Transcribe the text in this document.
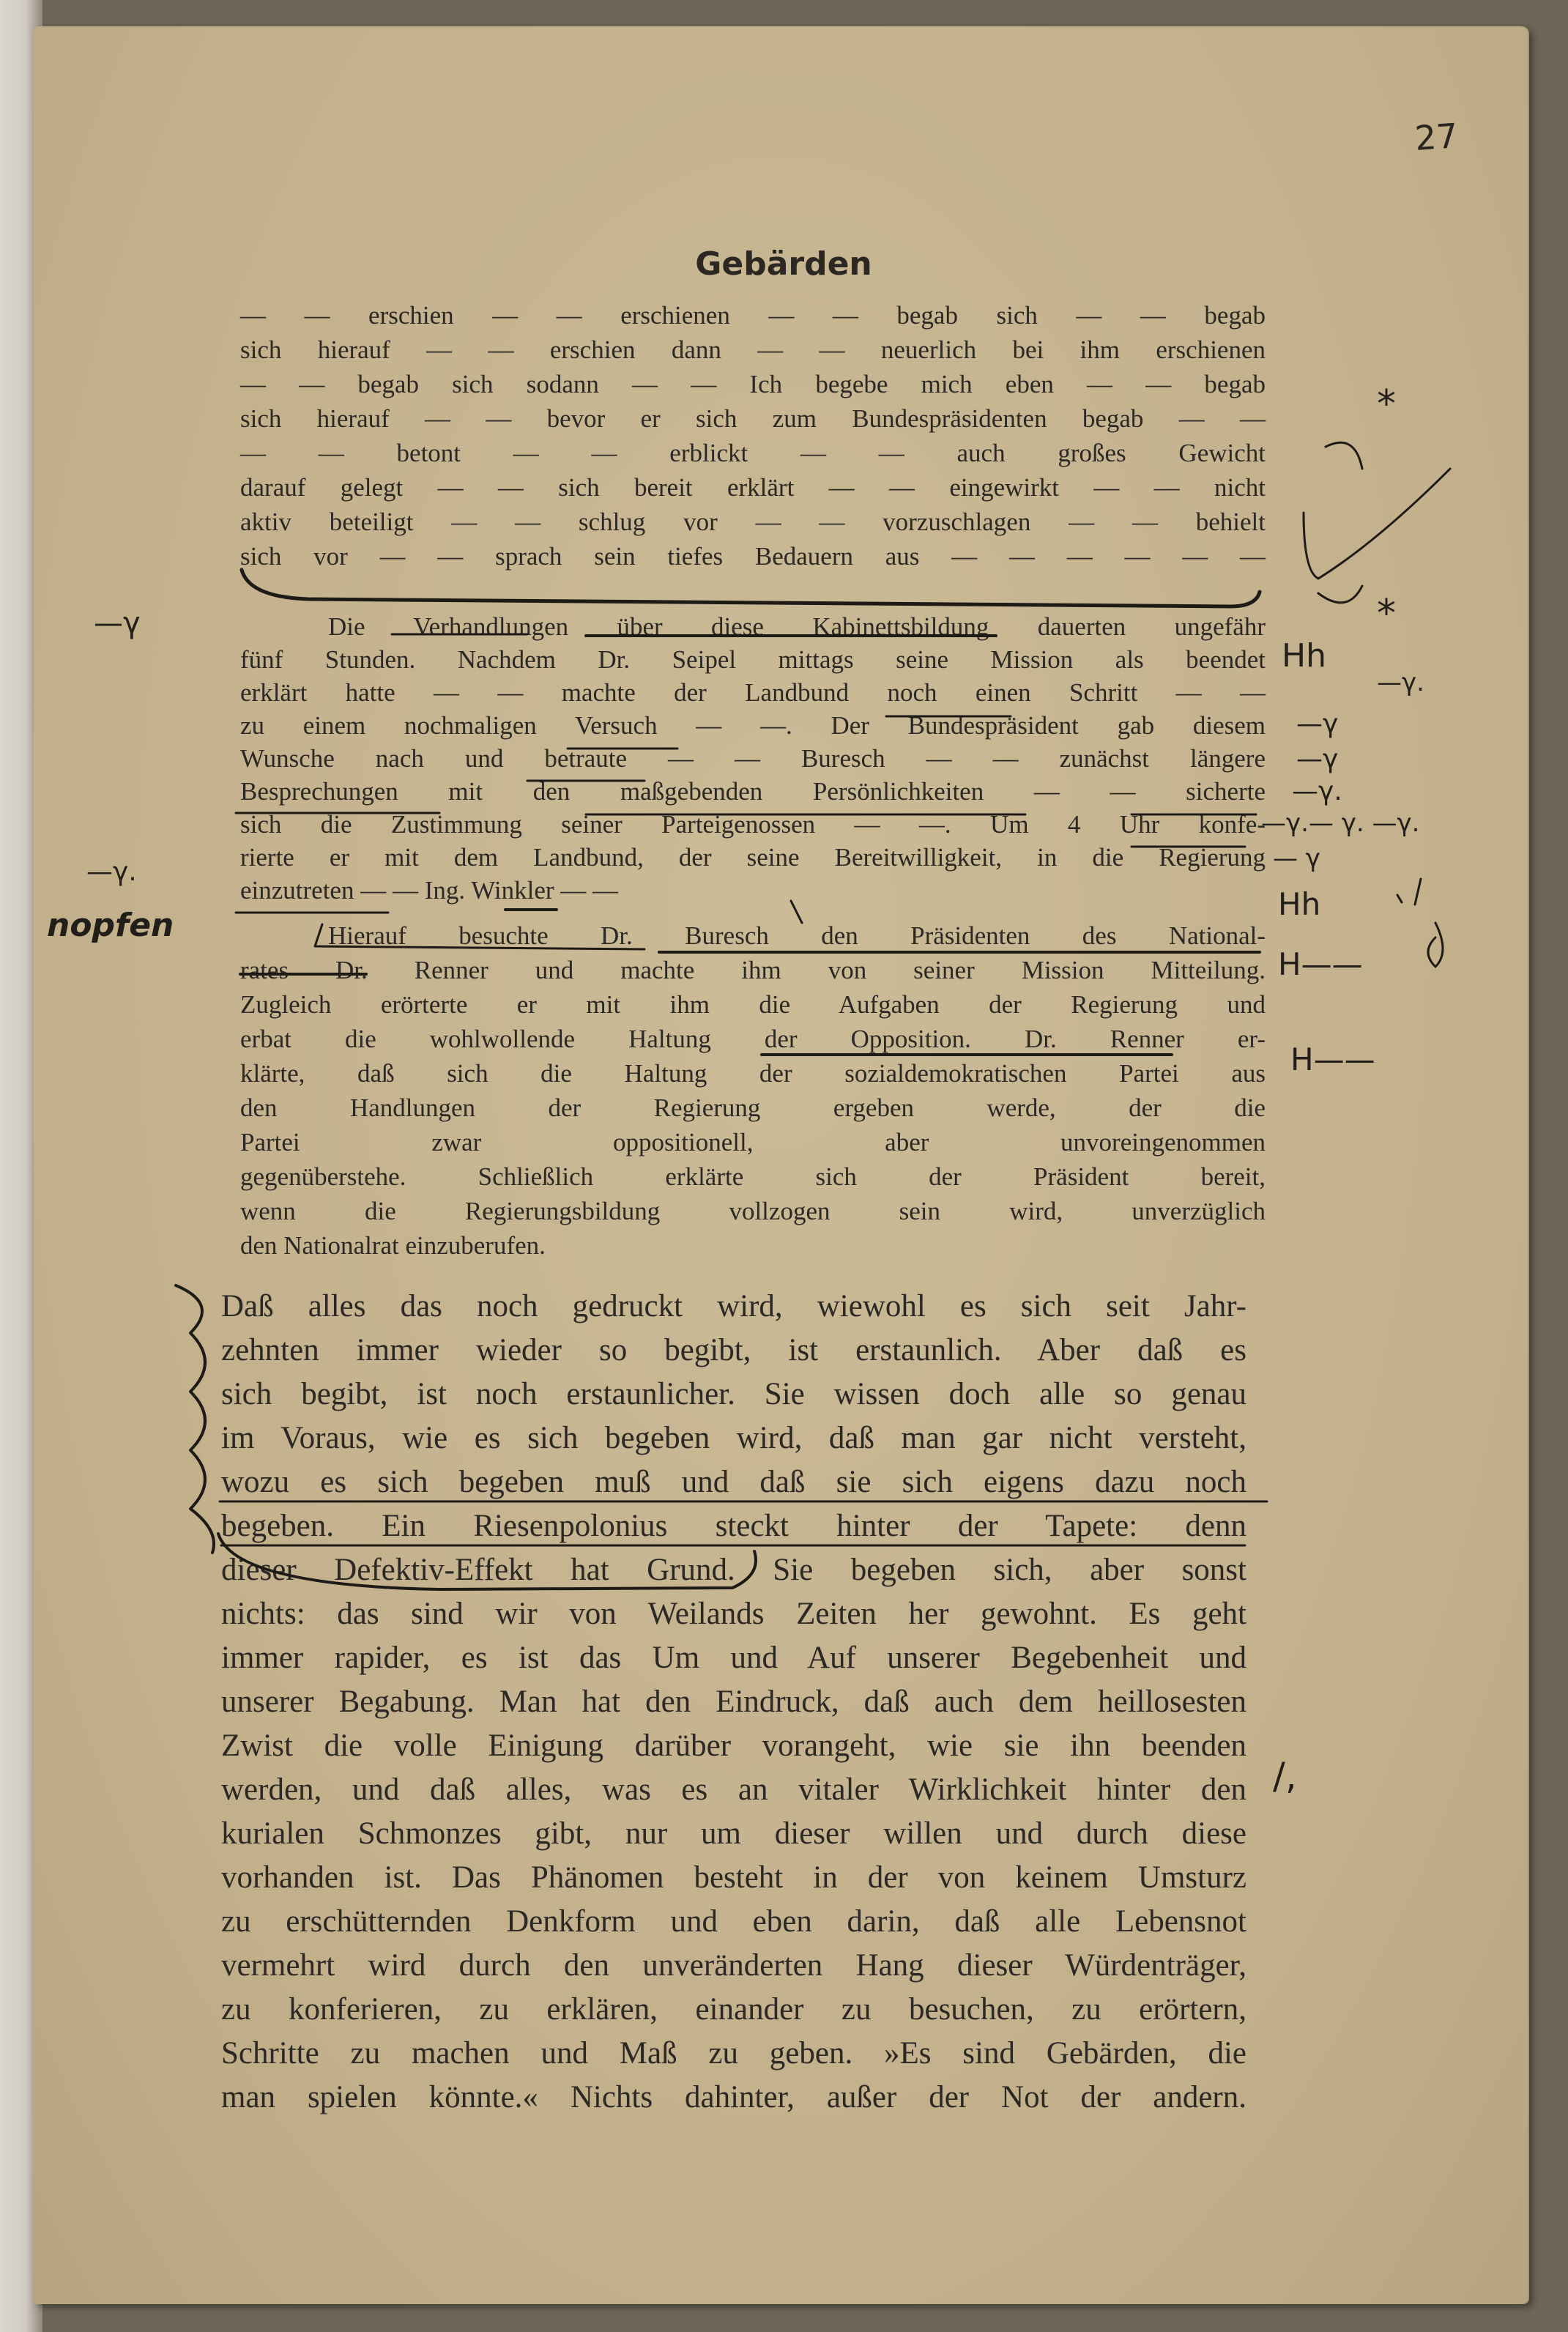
27
Gebärden
— — erschien — — erschienen — — begab sich — — begab
sich hierauf — — erschien dann — — neuerlich bei ihm erschienen
— — begab sich sodann — — Ich begebe mich eben — — begab
sich hierauf — — bevor er sich zum Bundespräsidenten begab — —
— — betont — — erblickt — — auch großes Gewicht
darauf gelegt — — sich bereit erklärt — — eingewirkt — — nicht
aktiv beteiligt — — schlug vor — — vorzuschlagen — — behielt
sich vor — — sprach sein tiefes Bedauern aus — — — — — —
Die Verhandlungen über diese Kabinettsbildung dauerten ungefähr
fünf Stunden. Nachdem Dr. Seipel mittags seine Mission als beendet
erklärt hatte — — machte der Landbund noch einen Schritt — —
zu einem nochmaligen Versuch — —. Der Bundespräsident gab diesem
Wunsche nach und betraute — — Buresch — — zunächst längere
Besprechungen mit den maßgebenden Persönlichkeiten — — sicherte
sich die Zustimmung seiner Parteigenossen — —. Um 4 Uhr konfe-
rierte er mit dem Landbund, der seine Bereitwilligkeit, in die Regierung
einzutreten — — Ing. Winkler — —
Hierauf besuchte Dr. Buresch den Präsidenten des National-
rates Dr. Renner und machte ihm von seiner Mission Mitteilung.
Zugleich erörterte er mit ihm die Aufgaben der Regierung und
erbat die wohlwollende Haltung der Opposition. Dr. Renner er-
klärte, daß sich die Haltung der sozialdemokratischen Partei aus
den Handlungen der Regierung ergeben werde, der die
Partei zwar oppositionell, aber unvoreingenommen
gegenüberstehe. Schließlich erklärte sich der Präsident bereit,
wenn die Regierungsbildung vollzogen sein wird, unverzüglich
den Nationalrat einzuberufen.
Daß alles das noch gedruckt wird, wiewohl es sich seit Jahr-
zehnten immer wieder so begibt, ist erstaunlich. Aber daß es
sich begibt, ist noch erstaunlicher. Sie wissen doch alle so genau
im Voraus, wie es sich begeben wird, daß man gar nicht versteht,
wozu es sich begeben muß und daß sie sich eigens dazu noch
begeben. Ein Riesenpolonius steckt hinter der Tapete: denn
dieser Defektiv-Effekt hat Grund. Sie begeben sich, aber sonst
nichts: das sind wir von Weilands Zeiten her gewohnt. Es geht
immer rapider, es ist das Um und Auf unserer Begebenheit und
unserer Begabung. Man hat den Eindruck, daß auch dem heillosesten
Zwist die volle Einigung darüber vorangeht, wie sie ihn beenden
werden, und daß alles, was es an vitaler Wirklichkeit hinter den
kurialen Schmonzes gibt, nur um dieser willen und durch diese
vorhanden ist. Das Phänomen besteht in der von keinem Umsturz
zu erschütternden Denkform und eben darin, daß alle Lebensnot
vermehrt wird durch den unveränderten Hang dieser Würdenträger,
zu konferieren, zu erklären, einander zu besuchen, zu erörtern,
Schritte zu machen und Maß zu geben. »Es sind Gebärden, die
man spielen könnte.« Nichts dahinter, außer der Not der andern.
—γ
—γ.
nopfen
*
*
Hh
—γ.
—γ
—γ
—γ.
—γ.— γ. —γ.
— γ
Hh
H——
H——
/,
